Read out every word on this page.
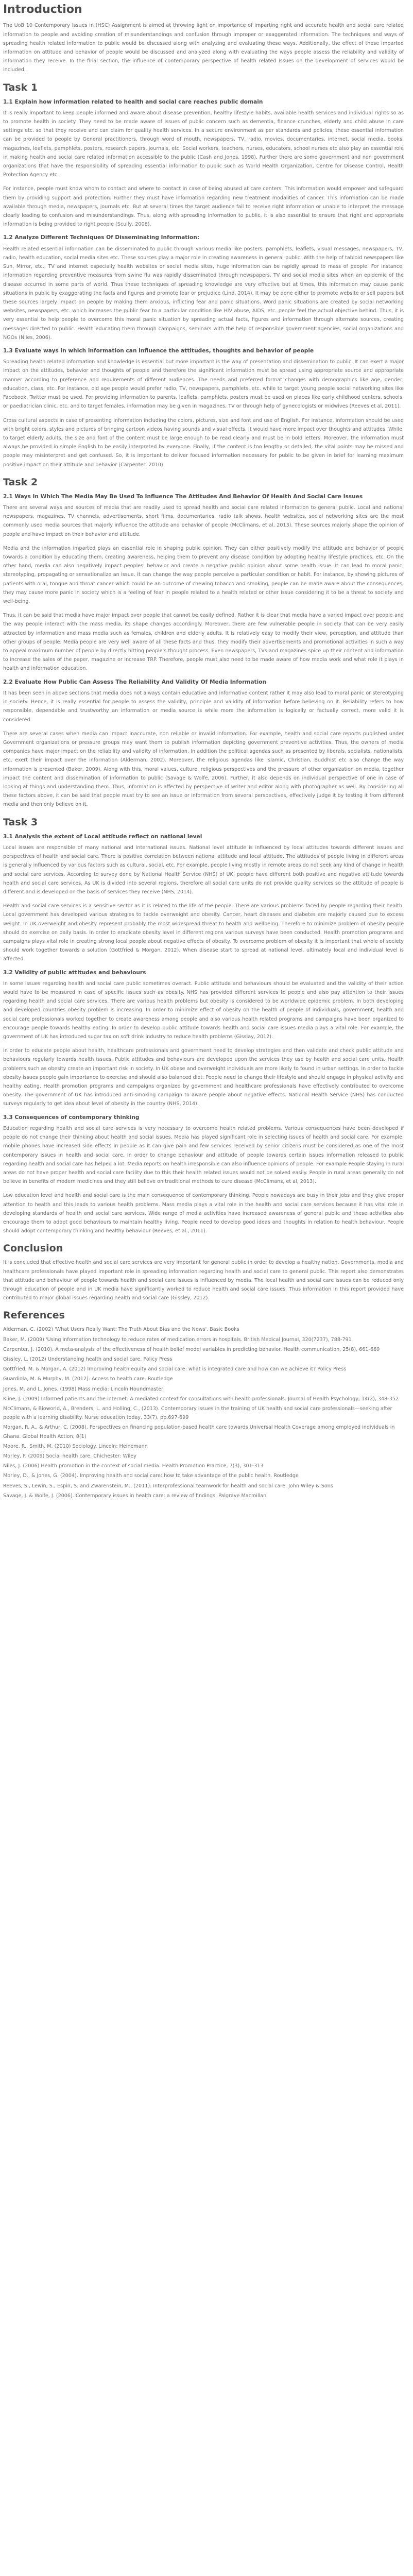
Introduction

The UoB 10 Contemporary Issues in (HSC) Assignment is aimed at throwing light on importance of imparting right and accurate health and social care related information to people and avoiding creation of misunderstandings and confusion through improper or exaggerated information. The techniques and ways of spreading health related information to public would be discussed along with analyzing and evaluating these ways. Additionally, the effect of these imparted information on attitude and behavior of people would be discussed and analyzed along with evaluating the ways people assess the reliability and validity of information they receive. In the final section, the influence of contemporary perspective of health related issues on the development of services would be included.

Task 1
1.1 Explain how information related to health and social care reaches public domain

It is really important to keep people informed and aware about disease prevention, healthy lifestyle habits, available health services and individual rights so as to promote health in society. They need to be made aware of issues of public concern such as dementia, finance crunches, elderly and child abuse in care settings etc. so that they receive and can claim for quality health services. In a secure environment as per standards and policies, these essential information can be provided to people by General practitioners, through word of mouth, newspapers, TV, radio, movies, documentaries, internet, social media, books, magazines, leaflets, pamphlets, posters, research papers, journals, etc. Social workers, teachers, nurses, educators, school nurses etc also play an essential role in making health and social care related information accessible to the public (Cash and Jones, 1998). Further there are some government and non government organizations that have the responsibility of spreading essential information to public such as World Health Organization, Centre for Disease Control, Health Protection Agency etc.

For instance, people must know whom to contact and where to contact in case of being abused at care centers. This information would empower and safeguard them by providing support and protection. Further they must have information regarding new treatment modalities of cancer. This information can be made available through media, newspapers, journals etc. But at several times the target audience fail to receive right information or unable to interpret the message clearly leading to confusion and misunderstandings. Thus, along with spreading information to public, it is also essential to ensure that right and appropriate information is being provided to right people (Scully, 2008).

1.2 Analyze Different Techniques Of Disseminating Information:

Health related essential information can be disseminated to public through various media like posters, pamphlets, leaflets, visual messages, newspapers, TV, radio, health education, social media sites etc. These sources play a major role in creating awareness in general public. With the help of tabloid newspapers like Sun, Mirror, etc., TV and internet especially health websites or social media sites, huge information can be rapidly spread to mass of people. For instance, information regarding preventive measures from swine flu was rapidly disseminated through newspapers, TV and social media sites when an epidemic of the disease occurred in some parts of world. Thus these techniques of spreading knowledge are very effective but at times, this information may cause panic situations in public by exaggerating the facts and figures and promote fear or prejudice (Lind, 2014). It may be done either to promote website or sell papers but these sources largely impact on people by making them anxious, inflicting fear and panic situations. Word panic situations are created by social networking websites, newspapers, etc. which increases the public fear to a particular condition like HIV abuse, AIDS, etc. people feel the actual objective behind. Thus, it is very essential to help people to overcome this moral panic situation by spreading actual facts, figures and information through alternate sources, creating messages directed to public. Health educating them through campaigns, seminars with the help of responsible government agencies, social organizations and NGOs (Niles, 2006).

1.3 Evaluate ways in which information can influence the attitudes, thoughts and behavior of people

Spreading health related information and knowledge is essential but more important is the way of presentation and dissemination to public. It can exert a major impact on the attitudes, behavior and thoughts of people and therefore the significant information must be spread using appropriate source and appropriate manner according to preference and requirements of different audiences. The needs and preferred format changes with demographics like age, gender, education, class, etc. For instance, old age people would prefer radio, TV, newspapers, pamphlets, etc. while to target young people social networking sites like Facebook, Twitter must be used. For providing information to parents, leaflets, pamphlets, posters must be used on places like early childhood centers, schools, or paediatrician clinic, etc. and to target females, information may be given in magazines, TV or through help of gynecologists or midwives (Reeves et al, 2011).

Cross cultural aspects in case of presenting information including the colors, pictures, size and font and use of English. For instance, information should be used with bright colors, styles and pictures of bringing cartoon videos having sounds and visual effects. It would have more impact over thoughts and attitudes. While, to target elderly adults, the size and font of the content must be large enough to be read clearly and must be in bold letters. Moreover, the information must always be provided in simple English to be easily interpreted by everyone. Finally, if the content is too lengthy or detailed, the vital points may be missed and people may misinterpret and get confused. So, it is important to deliver focused information necessary for public to be given in brief for learning maximum positive impact on their attitude and behavior (Carpenter, 2010).

Task 2
2.1 Ways In Which The Media May Be Used To Influence The Attitudes And Behavior Of Health And Social Care Issues

There are several ways and sources of media that are readily used to spread health and social care related information to general public. Local and national newspapers, magazines, TV channels, advertisements, short films, documentaries, radio talk shows, health websites, social networking sites are the most commonly used media sources that majorly influence the attitude and behavior of people (McClimans, et al, 2013). These sources majorly shape the opinion of people and have impact on their behavior and attitude.

Media and the information imparted plays an essential role in shaping public opinion. They can either positively modify the attitude and behavior of people towards a condition by educating them, creating awareness, helping them to prevent any disease condition by adopting healthy lifestyle practices, etc. On the other hand, media can also negatively impact peoples' behavior and create a negative public opinion about some health issue. It can lead to moral panic, stereotyping, propagating or sensationalize an issue. It can change the way people perceive a particular condition or habit. For instance, by showing pictures of patients with oral, tongue and throat cancer which could be an outcome of chewing tobacco and smoking, people can be made aware about the consequences, they may cause more panic in society which is a feeling of fear in people related to a health related or other issue considering it to be a threat to society and well-being.

Thus, it can be said that media have major impact over people that cannot be easily defined. Rather it is clear that media have a varied impact over people and the way people interact with the mass media, its shape changes accordingly. Moreover, there are few vulnerable people in society that can be very easily attracted by information and mass media such as females, children and elderly adults. It is relatively easy to modify their view, perception, and attitude than other groups of people. Media people are very well aware of all these facts and thus, they modify their advertisements and promotional activities in such a way to appeal maximum number of people by directly hitting people's thought process. Even newspapers, TVs and magazines spice up their content and information to increase the sales of the paper, magazine or increase TRP. Therefore, people must also need to be made aware of how media work and what role it plays in health and information education.

2.2 Evaluate How Public Can Assess The Reliability And Validity Of Media Information

It has been seen in above sections that media does not always contain educative and informative content rather it may also lead to moral panic or stereotyping in society. Hence, it is really essential for people to assess the validity, principle and validity of information before believing on it. Reliability refers to how responsible, dependable and trustworthy an information or media source is while more the information is logically or factually correct, more valid it is considered.

There are several cases when media can impact inaccurate, non reliable or invalid information. For example, health and social care reports published under Government organizations or pressure groups may want them to publish information depicting government preventive activities. Thus, the owners of media companies have major impact on the reliability and validity of information. In addition the political agendas such as presented by liberals, socialists, nationalists, etc. exert their impact over the information (Alderman, 2002). Moreover, the religious agendas like Islamic, Christian, Buddhist etc also change the way information is presented (Baker, 2009). Along with this, moral values, culture, religious perspectives and the pressure of other organization on media, together impact the content and dissemination of information to public (Savage & Wolfe, 2006). Further, it also depends on individual perspective of one in case of looking at things and understanding them. Thus, information is affected by perspective of writer and editor along with photographer as well. By considering all these factors above, it can be said that people must try to see an issue or information from several perspectives, effectively judge it by testing it from different media and then only believe on it.

Task 3
3.1 Analysis the extent of Local attitude reflect on national level

Local issues are responsible of many national and international issues. National level attitude is influenced by local attitudes towards different issues and perspectives of health and social care. There is positive correlation between national attitude and local attitude. The attitudes of people living in different areas is generally influenced by various factors such as cultural, social, etc. For example, people living mostly in remote areas do not seek any kind of change in health and social care services. According to survey done by National Health Service (NHS) of UK, people have different both positive and negative attitude towards health and social care services. As UK is divided into several regions, therefore all social care units do not provide quality services so the attitude of people is different and is developed on the basis of services they receive (NHS, 2014).

Health and social care services is a sensitive sector as it is related to the life of the people. There are various problems faced by people regarding their health. Local government has developed various strategies to tackle overweight and obesity. Cancer, heart diseases and diabetes are majorly caused due to excess weight. In UK overweight and obesity represent probably the most widespread threat to health and wellbeing. Therefore to minimize problem of obesity people should do exercise on daily basis. In order to eradicate obesity level in different regions various surveys have been conducted. Health promotion programs and campaigns plays vital role in creating strong local people about negative effects of obesity. To overcome problem of obesity it is important that whole of society should work together towards a solution (Gottfried & Morgan, 2012). When disease start to spread at national level, ultimately local and individual level is affected.

3.2 Validity of public attitudes and behaviours

In some issues regarding health and social care public sometimes overact. Public attitude and behaviours should be evaluated and the validity of their action would have to be measured in case of specific issues such as obesity. NHS has provided different services to people and also pay attention to their issues regarding health and social care services. There are various health problems but obesity is considered to be worldwide epidemic problem. In both developing and developed countries obesity problem is increasing. In order to minimize effect of obesity on the health of people of individuals, government, health and social care professionals worked together to create awareness among people and also various health related programs and campaigns have been organized to encourage people towards healthy eating. In order to develop public attitude towards health and social care issues media plays a vital role. For example, the government of UK has introduced sugar tax on soft drink industry to reduce health problems (Gisslay, 2012).

In order to educate people about health, healthcare professionals and government need to develop strategies and then validate and check public attitude and behaviours regularly towards health issues. Public attitudes and behaviours are developed upon the services they use by health and social care units. Health problems such as obesity create an important risk in society. In UK obese and overweight individuals are more likely to found in urban settings. In order to tackle obesity issues people gain importance to exercise and should also balanced diet. People need to change their lifestyle and should engage in physical activity and healthy eating. Health promotion programs and campaigns organized by government and healthcare professionals have effectively contributed to overcome obesity. The government of UK has introduced anti-smoking campaign to aware people about negative effects. National Health Service (NHS) has conducted surveys regularly to get idea about level of obesity in the country (NHS, 2014).

3.3 Consequences of contemporary thinking

Education regarding health and social care services is very necessary to overcome health related problems. Various consequences have been developed if people do not change their thinking about health and social issues. Media has played significant role in selecting issues of health and social care. For example, mobile phones have increased side effects in people as it can give pain and few services received by senior citizens must be considered as one of the most contemporary issues in health and social care. In order to change behaviour and attitude of people towards certain issues information released to public regarding health and social care has helped a lot. Media reports on health irresponsible can also influence opinions of people. For example People staying in rural areas do not have proper health and social care facility due to this their health related issues would not be solved easily. People in rural areas generally do not believe in benefits of modern medicines and they still believe on traditional methods to cure disease (McClimans, et al, 2013).

Low education level and health and social care is the main consequence of contemporary thinking. People nowadays are busy in their jobs and they give proper attention to health and this leads to various health problems. Mass media plays a vital role in the health and social care services because it has vital role in developing standards of health and social care services. Wide range of media activities have increased awareness of general public and these activities also encourage them to adopt good behaviours to maintain healthy living. People need to develop good ideas and thoughts in relation to health behaviour. People should adopt contemporary thinking and healthy behaviour (Reeves, et al., 2011).

Conclusion

It is concluded that effective health and social care services are very important for general public in order to develop a healthy nation. Governments, media and healthcare professionals have played important role in spreading information regarding health and social care to general public. This report also demonstrates that attitude and behaviour of people towards health and social care issues is influenced by media. The local health and social care issues can be reduced only through education of people and in UK media have significantly worked to reduce health and social care issues. Thus information in this report provided have contributed to major global issues regarding health and social care (Gissley, 2012).

References

Alderman, C. (2002) 'What Users Really Want: The Truth About Bias and the News'. Basic Books

Baker, M. (2009) 'Using information technology to reduce rates of medication errors in hospitals. British Medical Journal, 320(7237), 788-791

Carpenter, J. (2010). A meta-analysis of the effectiveness of health belief model variables in predicting behavior. Health communication, 25(8), 661-669

Gissley, L. (2012) Understanding health and social care. Policy Press

Gottfried, M. & Morgan, A. (2012) Improving health equity and social care: what is integrated care and how can we achieve it? Policy Press

Guardiola, M. & Murphy, M. (2012). Access to health care. Routledge

Jones, M. and L. Jones. (1998) Mass media: Lincoln Houndmaster

Kline, J. (2009) Informed patients and the internet: A mediated context for consultations with health professionals. Journal of Health Psychology, 14(2), 348-352

McClimans, & Bioworld, A., Brenders, L. and Holling, C., (2013). Contemporary issues in the training of UK health and social care professionals—seeking after people with a learning disability. Nurse education today, 33(7), pp.697-699

Morgan, R. A., & Arthur, C. (2008). Perspectives on financing population-based health care towards Universal Health Coverage among employed individuals in Ghana. Global Health Action, 8(1)

Moore, R., Smith, M. (2010) Sociology. Lincoln: Heinemann

Morley, F. (2009) Social health care. Chichester: Wiley

Niles, J. (2006) Health promotion in the context of social media. Health Promotion Practice, 7(3), 301-313

Morley, D., & Jones, G. (2004). Improving health and social care: how to take advantage of the public health. Routledge

Reeves, S., Lewin, S., Espin, S. and Zwarenstein, M., (2011). Interprofessional teamwork for health and social care. John Wiley & Sons

Savage, J. & Wolfe, J. (2006). Contemporary issues in health care: a review of findings. Palgrave Macmillan
